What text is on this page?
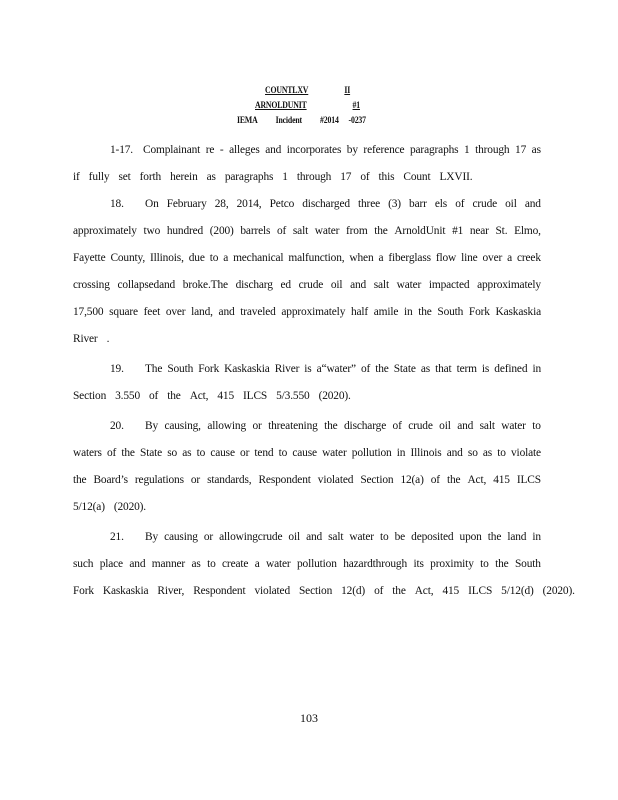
COUNTLXV	II
ARNOLDUNIT	#1
IEMA Incident #2014 -0237
1-17. Complainant re - alleges and incorporates by reference paragraphs 1 through 17 as
if fully set forth herein as paragraphs 1 through 17 of this Count LXVII.
18. On February 28, 2014, Petco discharged three (3) barr els of crude oil and
approximately two hundred (200) barrels of salt water from the ArnoldUnit #1 near St. Elmo,
Fayette County, Illinois, due to a mechanical malfunction, when a fiberglass flow line over a creek
crossing collapsedand broke.The discharg ed crude oil and salt water impacted approximately
17,500 square feet over land, and traveled approximately half amile in the South Fork Kaskaskia
River .
19. The South Fork Kaskaskia River is a“water” of the State as that term is defined in
Section 3.550 of the Act, 415 ILCS 5/3.550 (2020).
20. By causing, allowing or threatening the discharge of crude oil and salt water to
waters of the State so as to cause or tend to cause water pollution in Illinois and so as to violate
the Board’s regulations or standards, Respondent violated Section 12(a) of the Act, 415 ILCS
5/12(a) (2020).
21. By causing or allowingcrude oil and salt water to be deposited upon the land in
such place and manner as to create a water pollution hazardthrough its proximity to the South
Fork Kaskaskia River, Respondent violated Section 12(d) of the Act, 415 ILCS 5/12(d) (2020).
103
